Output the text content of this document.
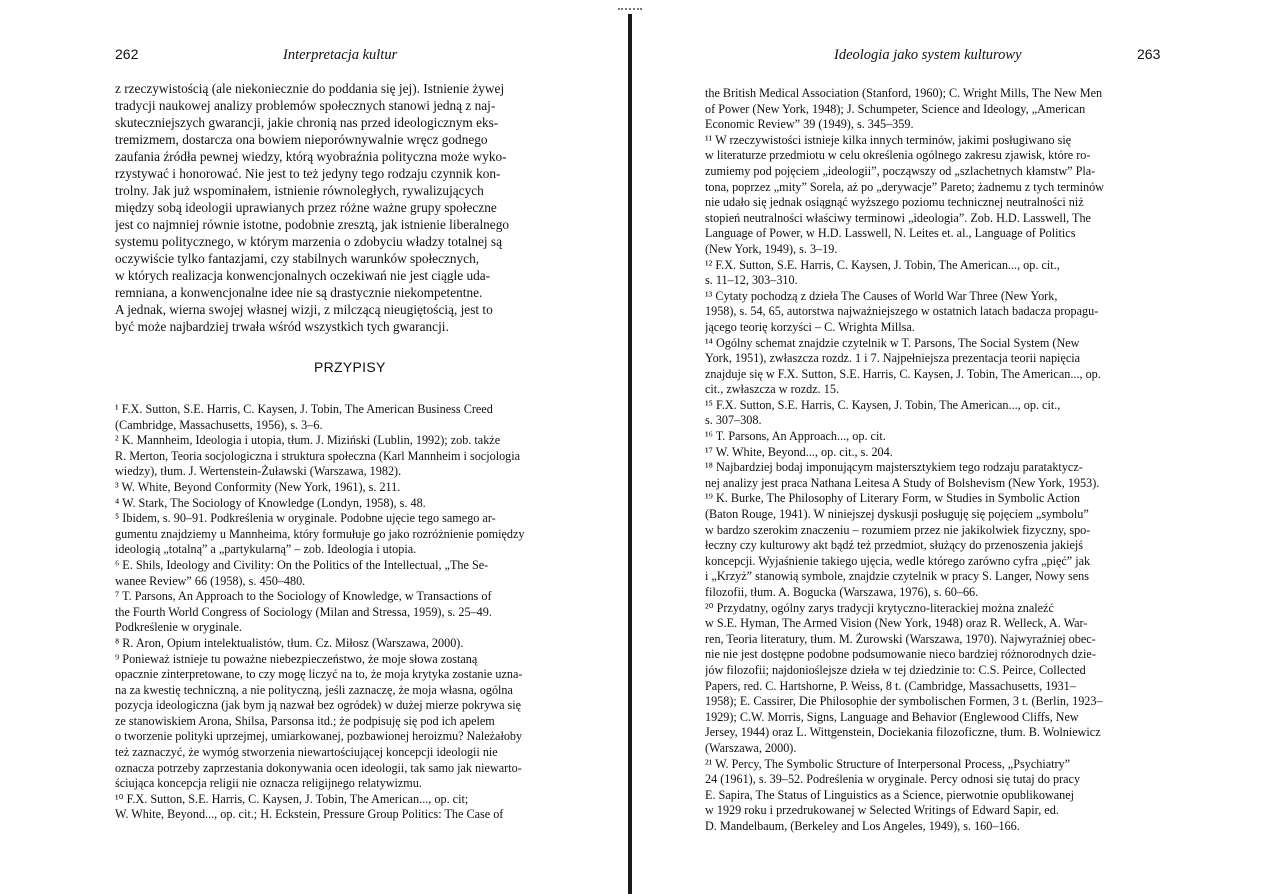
262	Interpretacja kultur
z rzeczywistością (ale niekoniecznie do poddania się jej). Istnienie żywej
tradycji naukowej analizy problemów społecznych stanowi jedną z naj-
skuteczniejszych gwarancji, jakie chronią nas przed ideologicznym eks-
tremizmem, dostarcza ona bowiem nieporównywalnie wręcz godnego
zaufania źródła pewnej wiedzy, którą wyobraźnia polityczna może wyko-
rzystywać i honorować. Nie jest to też jedyny tego rodzaju czynnik kon-
trolny. Jak już wspominałem, istnienie równoległych, rywalizujących
między sobą ideologii uprawianych przez różne ważne grupy społeczne
jest co najmniej równie istotne, podobnie zresztą, jak istnienie liberalnego
systemu politycznego, w którym marzenia o zdobyciu władzy totalnej są
oczywiście tylko fantazjami, czy stabilnych warunków społecznych,
w których realizacja konwencjonalnych oczekiwań nie jest ciągle uda-
remniana, a konwencjonalne idee nie są drastycznie niekompetentne.
A jednak, wierna swojej własnej wizji, z milczącą nieugiętością, jest to
być może najbardziej trwała wśród wszystkich tych gwarancji.
PRZYPISY
¹ F.X. Sutton, S.E. Harris, C. Kaysen, J. Tobin, The American Business Creed
(Cambridge, Massachusetts, 1956), s. 3–6.
² K. Mannheim, Ideologia i utopia, tłum. J. Miziński (Lublin, 1992); zob. także
R. Merton, Teoria socjologiczna i struktura społeczna (Karl Mannheim i socjologia
wiedzy), tłum. J. Wertenstein-Żuławski (Warszawa, 1982).
³ W. White, Beyond Conformity (New York, 1961), s. 211.
⁴ W. Stark, The Sociology of Knowledge (Londyn, 1958), s. 48.
⁵ Ibidem, s. 90–91. Podkreślenia w oryginale. Podobne ujęcie tego samego ar-
gumentu znajdziemy u Mannheima, który formułuje go jako rozróżnienie pomiędzy
ideologią „totalną” a „partykularną” – zob. Ideologia i utopia.
⁶ E. Shils, Ideology and Civility: On the Politics of the Intellectual, „The Se-
wanee Review” 66 (1958), s. 450–480.
⁷ T. Parsons, An Approach to the Sociology of Knowledge, w Transactions of
the Fourth World Congress of Sociology (Milan and Stressa, 1959), s. 25–49.
Podkreślenie w oryginale.
⁸ R. Aron, Opium intelektualistów, tłum. Cz. Miłosz (Warszawa, 2000).
⁹ Ponieważ istnieje tu poważne niebezpieczeństwo, że moje słowa zostaną
opacznie zinterpretowane, to czy mogę liczyć na to, że moja krytyka zostanie uzna-
na za kwestię techniczną, a nie polityczną, jeśli zaznaczę, że moja własna, ogólna
pozycja ideologiczna (jak bym ją nazwał bez ogródek) w dużej mierze pokrywa się
ze stanowiskiem Arona, Shilsa, Parsonsa itd.; że podpisuję się pod ich apelem
o tworzenie polityki uprzejmej, umiarkowanej, pozbawionej heroizmu? Należałoby
też zaznaczyć, że wymóg stworzenia niewartościującej koncepcji ideologii nie
oznacza potrzeby zaprzestania dokonywania ocen ideologii, tak samo jak niewarto-
ściująca koncepcja religii nie oznacza religijnego relatywizmu.
¹⁰ F.X. Sutton, S.E. Harris, C. Kaysen, J. Tobin, The American..., op. cit;
W. White, Beyond..., op. cit.; H. Eckstein, Pressure Group Politics: The Case of
Ideologia jako system kulturowy	263
the British Medical Association (Stanford, 1960); C. Wright Mills, The New Men
of Power (New York, 1948); J. Schumpeter, Science and Ideology, „American
Economic Review” 39 (1949), s. 345–359.
¹¹ W rzeczywistości istnieje kilka innych terminów, jakimi posługiwano się
w literaturze przedmiotu w celu określenia ogólnego zakresu zjawisk, które ro-
zumiemy pod pojęciem „ideologii”, począwszy od „szlachetnych kłamstw” Pla-
tona, poprzez „mity” Sorela, aż po „derywacje” Pareto; żadnemu z tych terminów
nie udało się jednak osiągnąć wyższego poziomu technicznej neutralności niż
stopień neutralności właściwy terminowi „ideologia”. Zob. H.D. Lasswell, The
Language of Power, w H.D. Lasswell, N. Leites et. al., Language of Politics
(New York, 1949), s. 3–19.
¹² F.X. Sutton, S.E. Harris, C. Kaysen, J. Tobin, The American..., op. cit.,
s. 11–12, 303–310.
¹³ Cytaty pochodzą z dzieła The Causes of World War Three (New York,
1958), s. 54, 65, autorstwa najważniejszego w ostatnich latach badacza propagu-
jącego teorię korzyści – C. Wrighta Millsa.
¹⁴ Ogólny schemat znajdzie czytelnik w T. Parsons, The Social System (New
York, 1951), zwłaszcza rozdz. 1 i 7. Najpełniejsza prezentacja teorii napięcia
znajduje się w F.X. Sutton, S.E. Harris, C. Kaysen, J. Tobin, The American..., op.
cit., zwłaszcza w rozdz. 15.
¹⁵ F.X. Sutton, S.E. Harris, C. Kaysen, J. Tobin, The American..., op. cit.,
s. 307–308.
¹⁶ T. Parsons, An Approach..., op. cit.
¹⁷ W. White, Beyond..., op. cit., s. 204.
¹⁸ Najbardziej bodaj imponującym majstersztykiem tego rodzaju parataktycz-
nej analizy jest praca Nathana Leitesa A Study of Bolshevism (New York, 1953).
¹⁹ K. Burke, The Philosophy of Literary Form, w Studies in Symbolic Action
(Baton Rouge, 1941). W niniejszej dyskusji posługuję się pojęciem „symbolu”
w bardzo szerokim znaczeniu – rozumiem przez nie jakikolwiek fizyczny, spo-
łeczny czy kulturowy akt bądź też przedmiot, służący do przenoszenia jakiejś
koncepcji. Wyjaśnienie takiego ujęcia, wedle którego zarówno cyfra „pięć” jak
i „Krzyż” stanowią symbole, znajdzie czytelnik w pracy S. Langer, Nowy sens
filozofii, tłum. A. Bogucka (Warszawa, 1976), s. 60–66.
²⁰ Przydatny, ogólny zarys tradycji krytyczno-literackiej można znaleźć
w S.E. Hyman, The Armed Vision (New York, 1948) oraz R. Welleck, A. War-
ren, Teoria literatury, tłum. M. Żurowski (Warszawa, 1970). Najwyraźniej obec-
nie nie jest dostępne podobne podsumowanie nieco bardziej różnorodnych dzie-
jów filozofii; najdonioślejsze dzieła w tej dziedzinie to: C.S. Peirce, Collected
Papers, red. C. Hartshorne, P. Weiss, 8 t. (Cambridge, Massachusetts, 1931–
1958); E. Cassirer, Die Philosophie der symbolischen Formen, 3 t. (Berlin, 1923–
1929); C.W. Morris, Signs, Language and Behavior (Englewood Cliffs, New
Jersey, 1944) oraz L. Wittgenstein, Dociekania filozoficzne, tłum. B. Wolniewicz
(Warszawa, 2000).
²¹ W. Percy, The Symbolic Structure of Interpersonal Process, „Psychiatry”
24 (1961), s. 39–52. Podreślenia w oryginale. Percy odnosi się tutaj do pracy
E. Sapira, The Status of Linguistics as a Science, pierwotnie opublikowanej
w 1929 roku i przedrukowanej w Selected Writings of Edward Sapir, ed.
D. Mandelbaum, (Berkeley and Los Angeles, 1949), s. 160–166.
